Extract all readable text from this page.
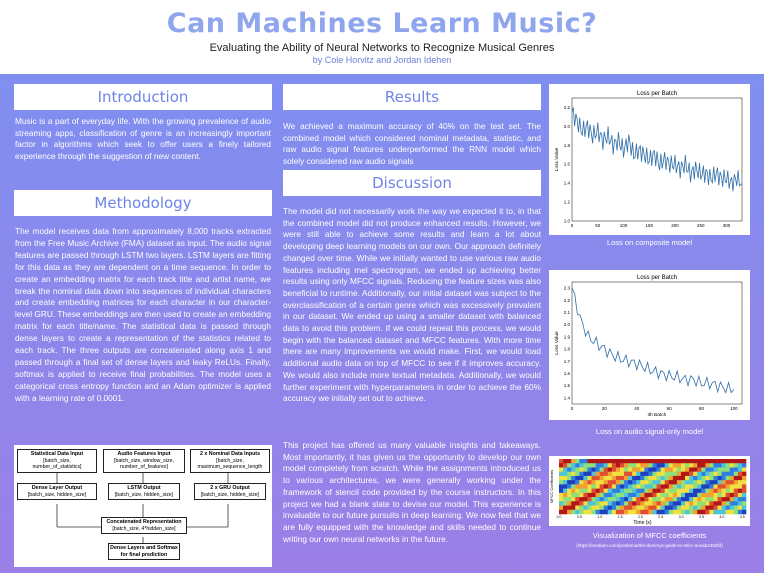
Can Machines Learn Music?
Evaluating the Ability of Neural Networks to Recognize Musical Genres
by Cole Horvitz and Jordan Idehen
Introduction

Music is a part of everyday life. With the growing prevalence of audio streaming apps, classification of genre is an increasingly important factor in algorithms which seek to offer users a finely tailored experience through the suggestion of new content.

Methodology

The model receives data from approximately 8,000 tracks extracted from the Free Music Archive (FMA) dataset as input. The audio signal features are passed through LSTM two layers. LSTM layers are fitting for this data as they are dependent on a time sequence. In order to create an embedding matrix for each track title and artist name, we break the nominal data down into sequences of individual characters and create embedding matrices for each character in our character-level GRU. These embeddings are then used to create an embedding matrix for each title/name. The statistical data is passed through dense layers to create a representation of the statistics related to each track. The three outputs are concatenated along axis 1 and passed through a final set of dense layers and leaky ReLUs. Finally, softmax is applied to receive final probabilities. The model uses a categorical cross entropy function and an Adam optimizer is applied with a learning rate of 0.0001.

Statistical Data Input
[batch_size, number_of_statistics]
Audio Features Input
[batch_size, window_size, number_of_features]
2 x Nominal Data Inputs
[batch_size, maximum_sequence_length
Dense Layer Output
[batch_size, hidden_size]
LSTM Output
[batch_size, hidden_size]
2 x GRU Output
[batch_size, hidden_size]
Concatenated Representation
[batch_size, 4*hidden_size]
Dense Layers and Softmax for final prediction
Results

We achieved a maximum accuracy of 40% on the test set. The combined model which considered nominal metadata, statistic, and raw audio signal features underperformed the RNN model which solely considered raw audio signals

Discussion

The model did not necessarily work the way we expected it to, in that the combined model did not produce enhanced results. However, we were still able to achieve some results and learn a lot about developing deep learning models on our own. Our approach definitely changed over time. While we initially wanted to use various raw audio features including mel spectrogram, we ended up achieving better results using only MFCC signals. Reducing the feature sizes was also beneficial to runtime. Additionally, our initial dataset was subject to the overclassification of a certain genre which was excessively prevalent in our dataset. We ended up using a smaller dataset with balanced data to avoid this problem. If we could repeat this process, we would begin with the balanced dataset and MFCC features. With more time there are many improvements we would make. First, we would load additional audio data on top of MFCC to see if it improves accuracy. We would also include more textual metadata. Additionally, we would further experiment with hyperparameters in order to achieve the 60% accuracy we initially set out to achieve.

This project has offered us many valuable insights and takeaways. Most importantly, it has given us the opportunity to develop our own model completely from scratch. While the assignments introduced us to various architectures, we were generally working under the framework of stencil code provided by the course instructors. In this project we had a blank slate to devise our model. This experience is invaluable to our future pursuits in deep learning. We now feel that we are fully equipped with the knowledge and skills needed to continue writing our own neural networks in the future.

Loss per Batch
0	50	100	150	200	250	300
1.0
1.2
1.4
1.6
1.8
2.0
2.2
Loss Value
Loss on composite model
Loss per Batch
0	20	40	60	80	100
1.4
1.5
1.6
1.7
1.8
1.9
2.0
2.1
2.2
2.3
ith Batch
Loss Value
Loss on audio signal-only model
0.0	0.5	1.0	1.5	2.0	2.5	3.0	3.5	4.0	4.5
Time (s)
MFCC Coefficients
Visualization of MFCC coefficients
(https://medium.com/prathena/the-dummys-guide-to-mfcc-aceab2450fd)
